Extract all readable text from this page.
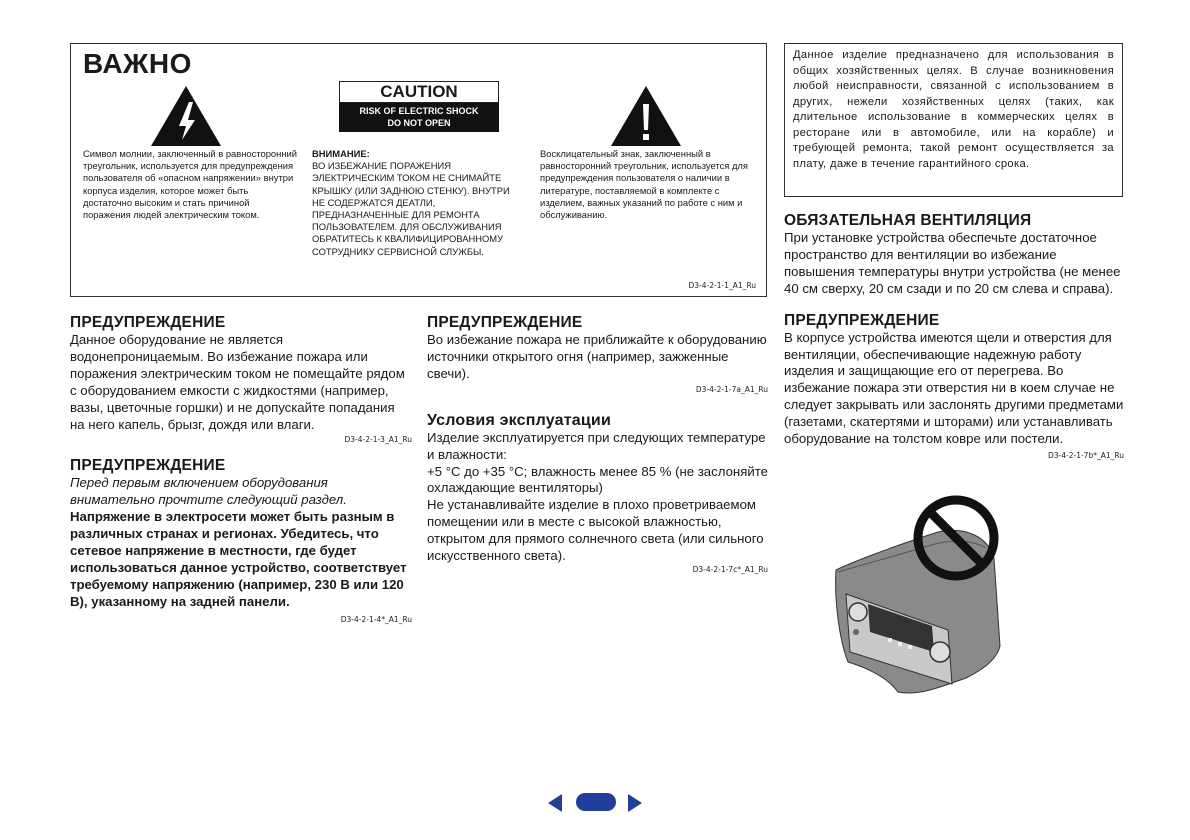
ВАЖНО
CAUTION
RISK OF ELECTRIC SHOCK
DO NOT OPEN

Символ молнии, заключенный в равносторонний треугольник, используется для предупреждения пользователя об «опасном напряжении» внутри корпуса изделия, которое может быть достаточно высоким и стать причиной поражения людей электрическим током.

ВНИМАНИЕ:

ВО ИЗБЕЖАНИЕ ПОРАЖЕНИЯ ЭЛЕКТРИЧЕСКИМ ТОКОМ НЕ СНИМАЙТЕ КРЫШКУ (ИЛИ ЗАДНЮЮ СТЕНКУ). ВНУТРИ НЕ СОДЕРЖАТСЯ ДЕАТЛИ, ПРЕДНАЗНАЧЕННЫЕ ДЛЯ РЕМОНТА ПОЛЬЗОВАТЕЛЕМ. ДЛЯ ОБСЛУЖИВАНИЯ ОБРАТИТЕСЬ К КВАЛИФИЦИРОВАННОМУ СОТРУДНИКУ СЕРВИСНОЙ СЛУЖБЫ.

Восклицательный знак, заключенный в равносторонний треугольник, используется для предупреждения пользователя о наличии в литературе, поставляемой в комплекте с изделием, важных указаний по работе с ним и обслуживанию.

D3-4-2-1-1_A1_Ru

Данное изделие предназначено для использования в общих хозяйственных целях. В случае возникновения любой неисправности, связанной с использованием в других, нежели хозяйственных целях (таких, как длительное использование в коммерческих целях в ресторане или в автомобиле, или на корабле) и требующей ремонта, такой ремонт осуществляется за плату, даже в течение гарантийного срока.

ПРЕДУПРЕЖДЕНИЕ

Данное оборудование не является водонепроницаемым. Во избежание пожара или поражения электрическим током не помещайте рядом с оборудованием емкости с жидкостями (например, вазы, цветочные горшки) и не допускайте попадания на него капель, брызг, дождя или влаги.

D3-4-2-1-3_A1_Ru

ПРЕДУПРЕЖДЕНИЕ

Перед первым включением оборудования внимательно прочтите следующий раздел.

Напряжение в электросети может быть разным в различных странах и регионах. Убедитесь, что сетевое напряжение в местности, где будет использоваться данное устройство, соответствует требуемому напряжению (например, 230 В или 120 В), указанному на задней панели.

D3-4-2-1-4*_A1_Ru

ПРЕДУПРЕЖДЕНИЕ

Во избежание пожара не приближайте к оборудованию источники открытого огня (например, зажженные свечи).

D3-4-2-1-7a_A1_Ru

Условия эксплуатации

Изделие эксплуатируется при следующих температуре и влажности:

+5 °C до +35 °C; влажность менее 85 % (не заслоняйте охлаждающие вентиляторы)

Не устанавливайте изделие в плохо проветриваемом помещении или в месте с высокой влажностью, открытом для прямого солнечного света (или сильного искусственного света).

D3-4-2-1-7c*_A1_Ru

ОБЯЗАТЕЛЬНАЯ ВЕНТИЛЯЦИЯ

При установке устройства обеспечьте достаточное пространство для вентиляции во избежание повышения температуры внутри устройства (не менее 40 см сверху, 20 см сзади и по 20 см слева и справа).

ПРЕДУПРЕЖДЕНИЕ

В корпусе устройства имеются щели и отверстия для вентиляции, обеспечивающие надежную работу изделия и защищающие его от перегрева. Во избежание пожара эти отверстия ни в коем случае не следует закрывать или заслонять другими предметами (газетами, скатертями и шторами) или устанавливать оборудование на толстом ковре или постели.

D3-4-2-1-7b*_A1_Ru
